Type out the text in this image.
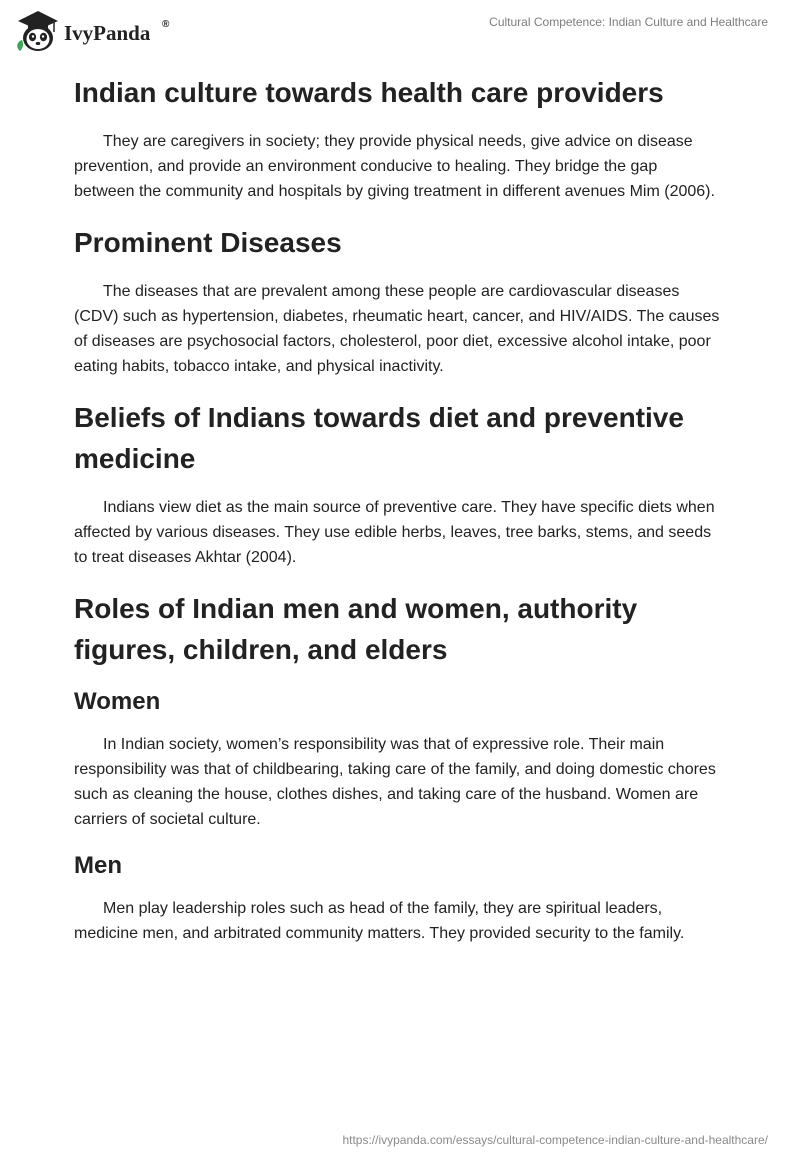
IvyPanda ®	Cultural Competence: Indian Culture and Healthcare
Indian culture towards health care providers

They are caregivers in society; they provide physical needs, give advice on disease prevention, and provide an environment conducive to healing. They bridge the gap between the community and hospitals by giving treatment in different avenues Mim (2006).

Prominent Diseases

The diseases that are prevalent among these people are cardiovascular diseases (CDV) such as hypertension, diabetes, rheumatic heart, cancer, and HIV/AIDS. The causes of diseases are psychosocial factors, cholesterol, poor diet, excessive alcohol intake, poor eating habits, tobacco intake, and physical inactivity.

Beliefs of Indians towards diet and preventive medicine

Indians view diet as the main source of preventive care. They have specific diets when affected by various diseases. They use edible herbs, leaves, tree barks, stems, and seeds to treat diseases Akhtar (2004).

Roles of Indian men and women, authority figures, children, and elders
Women

In Indian society, women’s responsibility was that of expressive role. Their main responsibility was that of childbearing, taking care of the family, and doing domestic chores such as cleaning the house, clothes dishes, and taking care of the husband. Women are carriers of societal culture.

Men

Men play leadership roles such as head of the family, they are spiritual leaders, medicine men, and arbitrated community matters. They provided security to the family.

https://ivypanda.com/essays/cultural-competence-indian-culture-and-healthcare/
